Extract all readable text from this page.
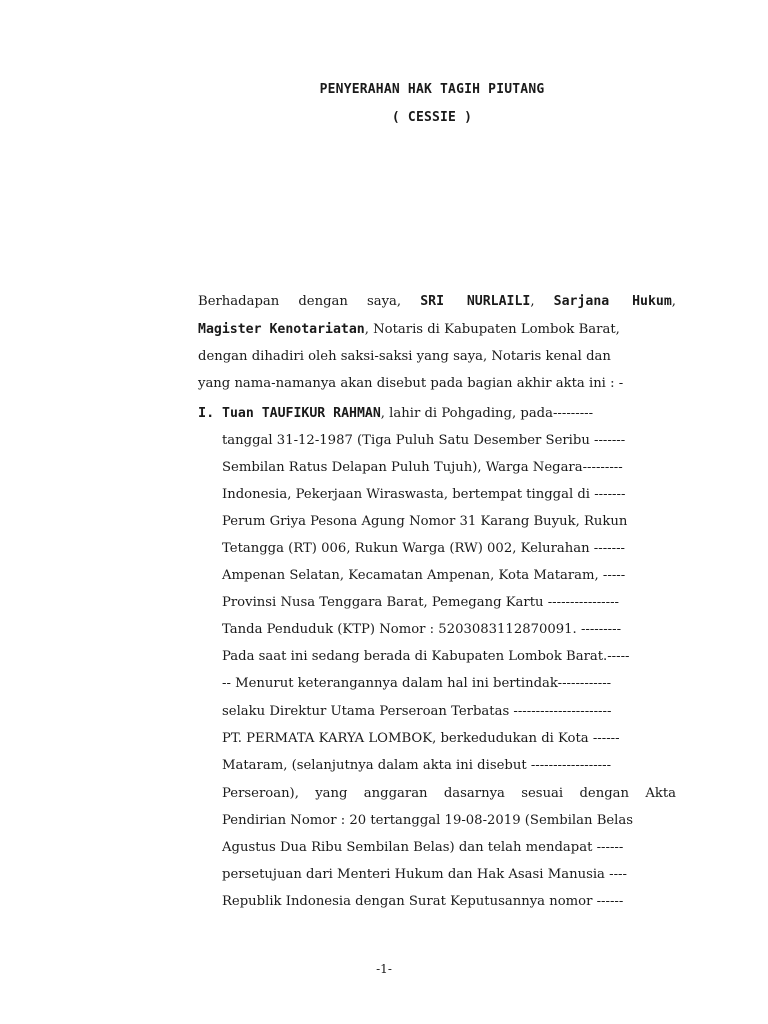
PENYERAHAN HAK TAGIH PIUTANG
( CESSIE )
Berhadapan dengan saya, SRI NURLAILI, Sarjana Hukum,
Magister Kenotariatan, Notaris di Kabupaten Lombok Barat,
dengan dihadiri oleh saksi-saksi yang saya, Notaris kenal dan
yang nama-namanya akan disebut pada bagian akhir akta ini : -
I. Tuan TAUFIKUR RAHMAN, lahir di Pohgading, pada---------
tanggal 31-12-1987 (Tiga Puluh Satu Desember Seribu -------
Sembilan Ratus Delapan Puluh Tujuh), Warga Negara---------
Indonesia, Pekerjaan Wiraswasta, bertempat tinggal di -------
Perum Griya Pesona Agung Nomor 31 Karang Buyuk, Rukun
Tetangga (RT) 006, Rukun Warga (RW) 002, Kelurahan -------
Ampenan Selatan, Kecamatan Ampenan, Kota Mataram, -----
Provinsi Nusa Tenggara Barat, Pemegang Kartu ----------------
Tanda Penduduk (KTP) Nomor : 5203083112870091. ---------
Pada saat ini sedang berada di Kabupaten Lombok Barat.-----
-- Menurut keterangannya dalam hal ini bertindak------------
selaku Direktur Utama Perseroan Terbatas ----------------------
PT. PERMATA KARYA LOMBOK, berkedudukan di Kota ------
Mataram, (selanjutnya dalam akta ini disebut ------------------
Perseroan), yang anggaran dasarnya sesuai dengan Akta
Pendirian Nomor : 20 tertanggal 19-08-2019 (Sembilan Belas
Agustus Dua Ribu Sembilan Belas) dan telah mendapat ------
persetujuan dari Menteri Hukum dan Hak Asasi Manusia ----
Republik Indonesia dengan Surat Keputusannya nomor ------
-1-
